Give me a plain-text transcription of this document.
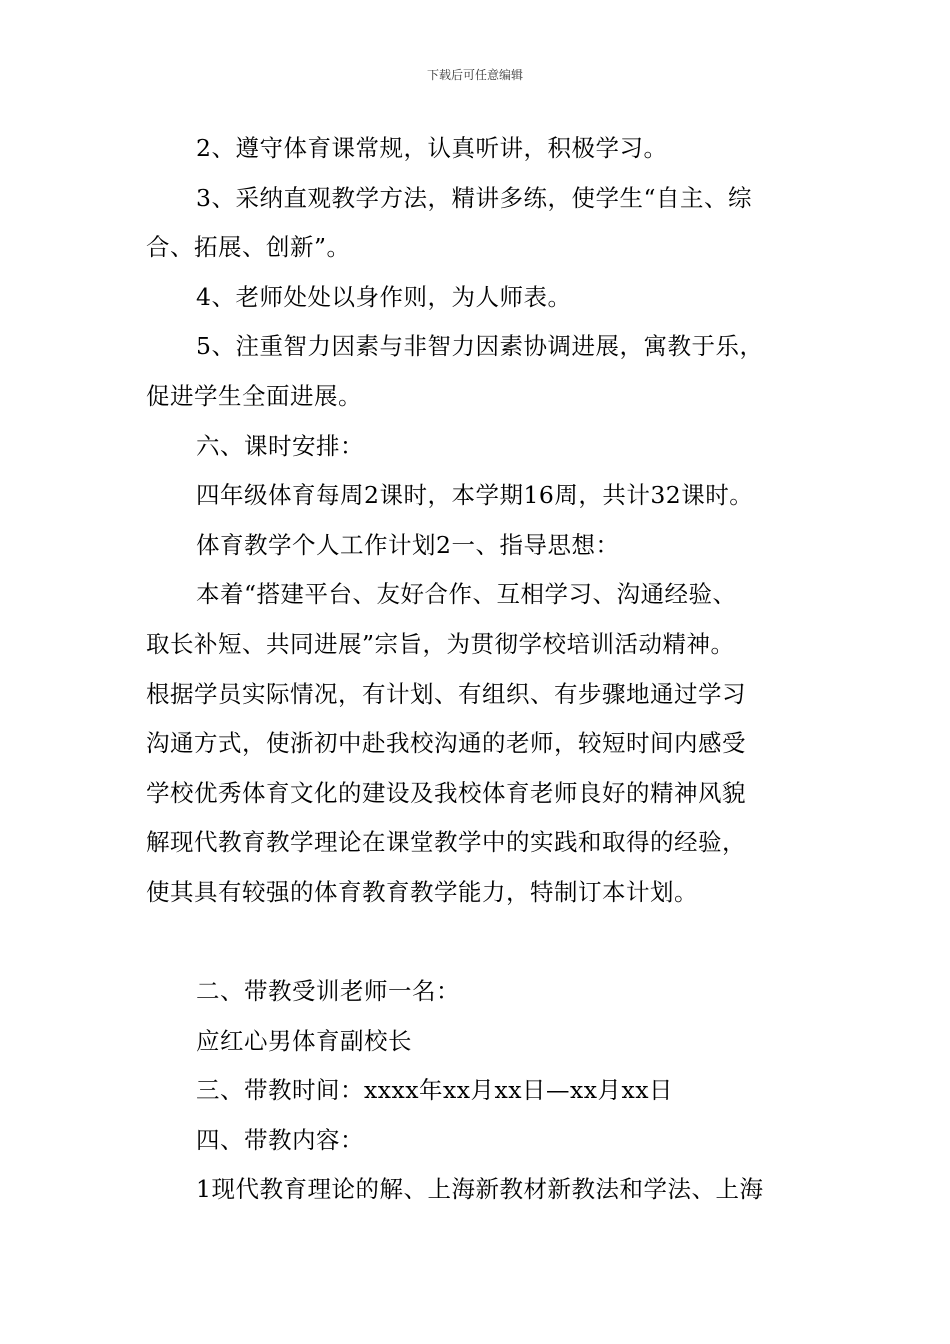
下载后可任意编辑
2、遵守体育课常规，认真听讲，积极学习。
3、采纳直观教学方法，精讲多练，使学生“自主、综
合、拓展、创新”。
4、老师处处以身作则，为人师表。
5、注重智力因素与非智力因素协调进展，寓教于乐，
促进学生全面进展。
六、课时安排：
四年级体育每周2课时，本学期16周，共计32课时。
体育教学个人工作计划2一、指导思想：
本着“搭建平台、友好合作、互相学习、沟通经验、
取长补短、共同进展”宗旨，为贯彻学校培训活动精神。
根据学员实际情况，有计划、有组织、有步骤地通过学习
沟通方式，使浙初中赴我校沟通的老师，较短时间内感受
学校优秀体育文化的建设及我校体育老师良好的精神风貌
解现代教育教学理论在课堂教学中的实践和取得的经验，
使其具有较强的体育教育教学能力，特制订本计划。
二、带教受训老师一名：
应红心男体育副校长
三、带教时间：xxxx年xx月xx日—xx月xx日
四、带教内容：
1现代教育理论的解、上海新教材新教法和学法、上海
